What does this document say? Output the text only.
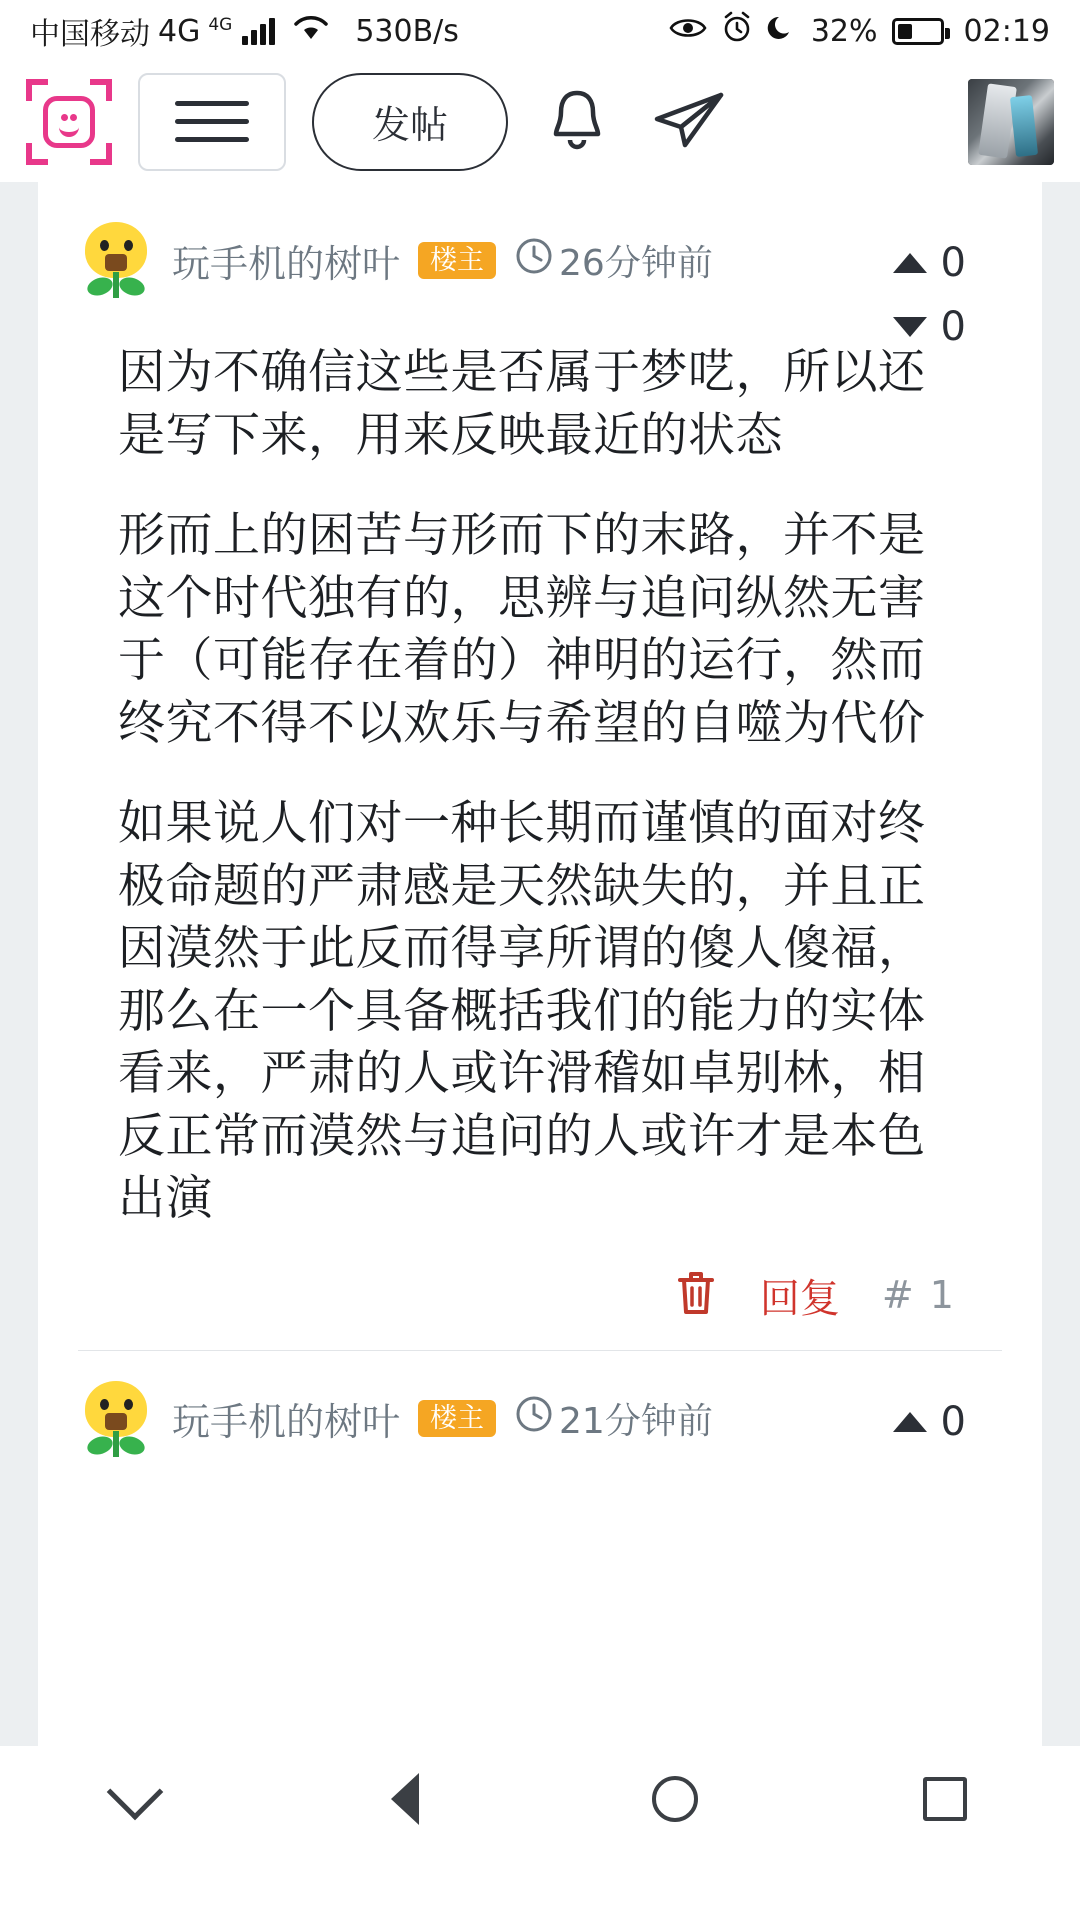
中国移动 4G 4G	530B/s	32%	02:19
发帖
玩手机的树叶	楼主	26分钟前	0
0

因为不确信这些是否属于梦呓，所以还是写下来，用来反映最近的状态

形而上的困苦与形而下的末路，并不是这个时代独有的，思辨与追问纵然无害于（可能存在着的）神明的运行，然而终究不得不以欢乐与希望的自噬为代价

如果说人们对一种长期而谨慎的面对终极命题的严肃感是天然缺失的，并且正因漠然于此反而得享所谓的傻人傻福，那么在一个具备概括我们的能力的实体看来，严肃的人或许滑稽如卓别林，相反正常而漠然与追问的人或许才是本色出演

回复 # 1
玩手机的树叶	楼主	21分钟前	0
